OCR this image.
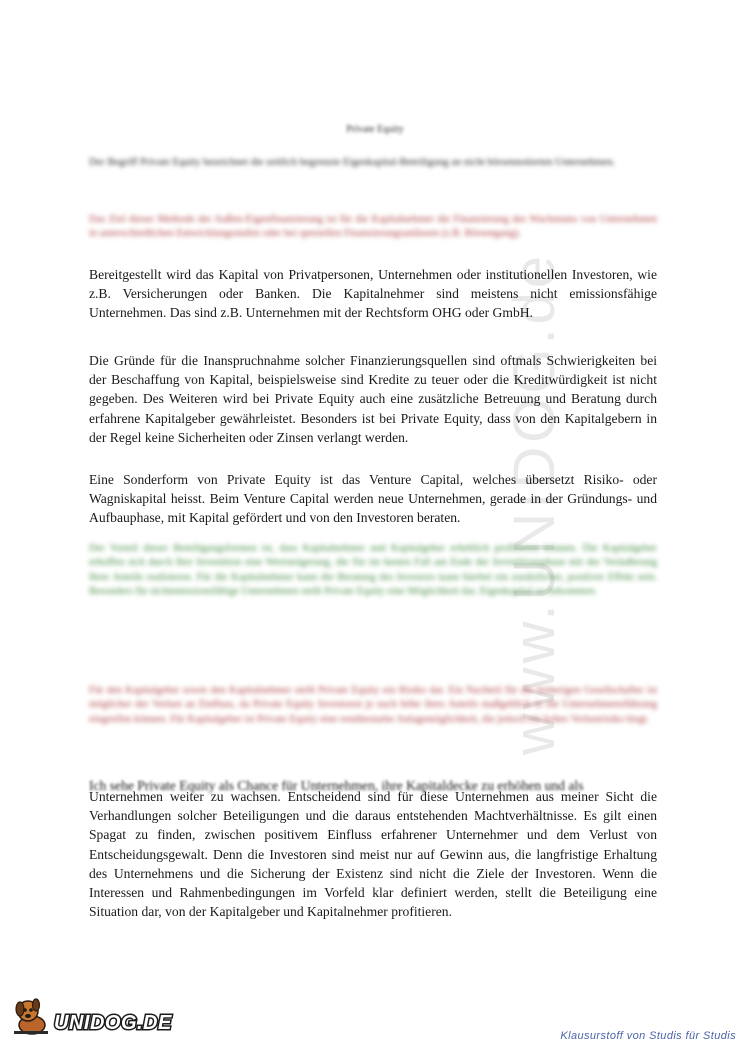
www.UNIDOG.de
Private Equity
Der Begriff Private Equity bezeichnet die zeitlich begrenzte Eigenkapital-Beteiligung an nicht börsennotierten Unternehmen.
Das Ziel dieser Methode der Außen-Eigenfinanzierung ist für die Kapitalnehmer die Finanzierung des Wachstums von Unternehmen in unterschiedlichen Entwicklungsstufen oder bei speziellen Finanzierungsanlässen (z.B. Börsengang).
Bereitgestellt wird das Kapital von Privatpersonen, Unternehmen oder institutionellen Investoren, wie z.B. Versicherungen oder Banken. Die Kapitalnehmer sind meistens nicht emissionsfähige Unternehmen. Das sind z.B. Unternehmen mit der Rechtsform OHG oder GmbH.
Die Gründe für die Inanspruchnahme solcher Finanzierungsquellen sind oftmals Schwierigkeiten bei der Beschaffung von Kapital, beispielsweise sind Kredite zu teuer oder die Kreditwürdigkeit ist nicht gegeben. Des Weiteren wird bei Private Equity auch eine zusätzliche Betreuung und Beratung durch erfahrene Kapitalgeber gewährleistet. Besonders ist bei Private Equity, dass von den Kapitalgebern in der Regel keine Sicherheiten oder Zinsen verlangt werden.
Eine Sonderform von Private Equity ist das Venture Capital, welches übersetzt Risiko- oder Wagniskapital heisst. Beim Venture Capital werden neue Unternehmen, gerade in der Gründungs- und Aufbauphase, mit Kapital gefördert und von den Investoren beraten.
Der Vorteil dieser Beteiligungsformen ist, dass Kapitalnehmer und Kapitalgeber erheblich profitieren können. Die Kapitalgeber erhoffen sich durch Ihre Investition eine Wertsteigerung, die Sie im besten Fall am Ende der Investitionsphase mit der Veräußerung Ihrer Anteile realisieren. Für die Kapitalnehmer kann die Beratung des Investors kann hierbei ein zusätzlicher, positiver Effekt sein. Besonders für nichtemissionsfähige Unternehmen stellt Private Equity eine Möglichkeit dar, Eigenkapital zu bekommen.
Für den Kapitalgeber sowie den Kapitalnehmer stellt Private Equity ein Risiko dar. Ein Nachteil für die bisherigen Gesellschafter ist möglicher der Verlust an Einfluss, da Private Equity Investoren je nach höhe ihres Anteils maßgeblich in die Unternehmensführung eingreifen können. Für Kapitalgeber ist Private Equity eine renditestarke Anlagemöglichkeit, die jedoch ein hohes Verlustrisiko birgt.
Ich sehe Private Equity als Chance für Unternehmen, ihre Kapitaldecke zu erhöhen und als
Unternehmen weiter zu wachsen. Entscheidend sind für diese Unternehmen aus meiner Sicht die Verhandlungen solcher Beteiligungen und die daraus entstehenden Machtverhältnisse. Es gilt einen Spagat zu finden, zwischen positivem Einfluss erfahrener Unternehmer und dem Verlust von Entscheidungsgewalt. Denn die Investoren sind meist nur auf Gewinn aus, die langfristige Erhaltung des Unternehmens und die Sicherung der Existenz sind nicht die Ziele der Investoren. Wenn die Interessen und Rahmenbedingungen im Vorfeld klar definiert werden, stellt die Beteiligung eine Situation dar, von der Kapitalgeber und Kapitalnehmer profitieren.
UNIDOG.DE
Klausurstoff von Studis für Studis
